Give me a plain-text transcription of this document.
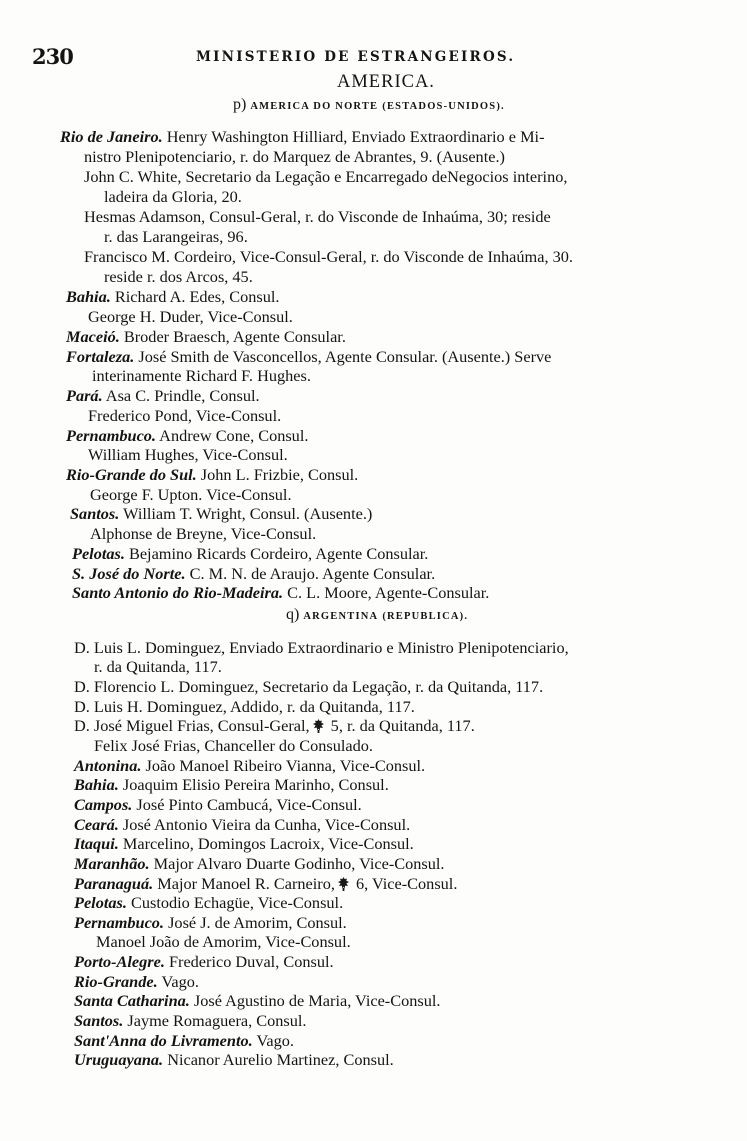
230	MINISTERIO DE ESTRANGEIROS.
AMERICA.
p) AMERICA DO NORTE (ESTADOS-UNIDOS).
Rio de Janeiro. Henry Washington Hilliard, Enviado Extraordinario e Mi-
nistro Plenipotenciario, r. do Marquez de Abrantes, 9. (Ausente.)
John C. White, Secretario da Legação e Encarregado deNegocios interino,
ladeira da Gloria, 20.
Hesmas Adamson, Consul-Geral, r. do Visconde de Inhaúma, 30; reside
r. das Larangeiras, 96.
Francisco M. Cordeiro, Vice-Consul-Geral, r. do Visconde de Inhaúma, 30.
reside r. dos Arcos, 45.
Bahia. Richard A. Edes, Consul.
George H. Duder, Vice-Consul.
Maceió. Broder Braesch, Agente Consular.
Fortaleza. José Smith de Vasconcellos, Agente Consular. (Ausente.) Serve
interinamente Richard F. Hughes.
Pará. Asa C. Prindle, Consul.
Frederico Pond, Vice-Consul.
Pernambuco. Andrew Cone, Consul.
William Hughes, Vice-Consul.
Rio-Grande do Sul. John L. Frizbie, Consul.
George F. Upton. Vice-Consul.
Santos. William T. Wright, Consul. (Ausente.)
Alphonse de Breyne, Vice-Consul.
Pelotas. Bejamino Ricards Cordeiro, Agente Consular.
S. José do Norte. C. M. N. de Araujo. Agente Consular.
Santo Antonio do Rio-Madeira. C. L. Moore, Agente-Consular.
q) ARGENTINA (REPUBLICA).
D. Luis L. Dominguez, Enviado Extraordinario e Ministro Plenipotenciario,
r. da Quitanda, 117.
D. Florencio L. Dominguez, Secretario da Legação, r. da Quitanda, 117.
D. Luis H. Dominguez, Addido, r. da Quitanda, 117.
D. José Miguel Frias, Consul-Geral,
5, r. da Quitanda, 117.
Felix José Frias, Chanceller do Consulado.
Antonina. João Manoel Ribeiro Vianna, Vice-Consul.
Bahia. Joaquim Elisio Pereira Marinho, Consul.
Campos. José Pinto Cambucá, Vice-Consul.
Ceará. José Antonio Vieira da Cunha, Vice-Consul.
Itaqui. Marcelino, Domingos Lacroix, Vice-Consul.
Maranhão. Major Alvaro Duarte Godinho, Vice-Consul.
Paranaguá. Major Manoel R. Carneiro,
6, Vice-Consul.
Pelotas. Custodio Echagüe, Vice-Consul.
Pernambuco. José J. de Amorim, Consul.
Manoel João de Amorim, Vice-Consul.
Porto-Alegre. Frederico Duval, Consul.
Rio-Grande. Vago.
Santa Catharina. José Agustino de Maria, Vice-Consul.
Santos. Jayme Romaguera, Consul.
Sant'Anna do Livramento. Vago.
Uruguayana. Nicanor Aurelio Martinez, Consul.
